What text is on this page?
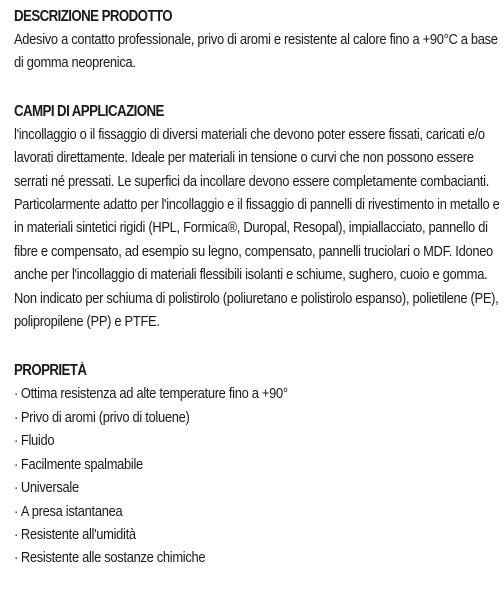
DESCRIZIONE PRODOTTO

Adesivo a contatto professionale, privo di aromi e resistente al calore fino a +90°C a base di gomma neoprenica.

CAMPI DI APPLICAZIONE

l'incollaggio o il fissaggio di diversi materiali che devono poter essere fissati, caricati e/o lavorati direttamente. Ideale per materiali in tensione o curvi che non possono essere serrati né pressati. Le superfici da incollare devono essere completamente combacianti. Particolarmente adatto per l'incollaggio e il fissaggio di pannelli di rivestimento in metallo e in materiali sintetici rigidi (HPL, Formica®, Duropal, Resopal), impiallacciato, pannello di fibre e compensato, ad esempio su legno, compensato, pannelli truciolari o MDF. Idoneo anche per l'incollaggio di materiali flessibili isolanti e schiume, sughero, cuoio e gomma. Non indicato per schiuma di polistirolo (poliuretano e polistirolo espanso), polietilene (PE), polipropilene (PP) e PTFE.

PROPRIETÀ
· Ottima resistenza ad alte temperature fino a +90°
· Privo di aromi (privo di toluene)
· Fluido
· Facilmente spalmabile
· Universale
· A presa istantanea
· Resistente all'umidità
· Resistente alle sostanze chimiche
